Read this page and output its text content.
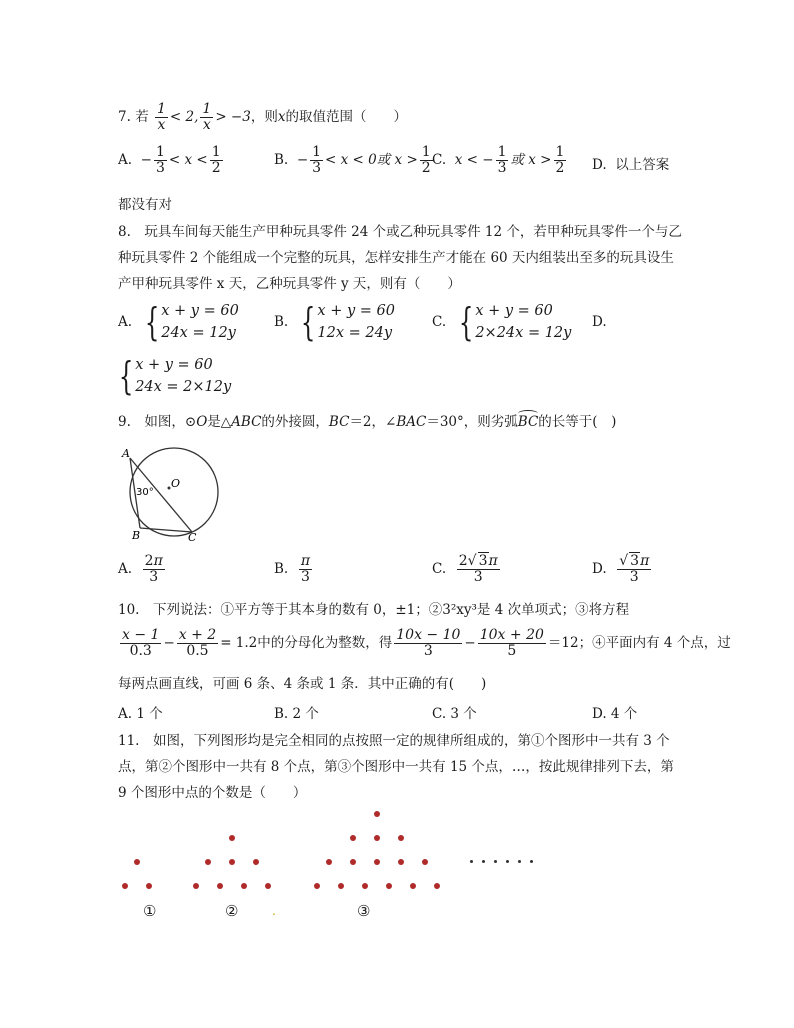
7. 若 $\frac{1}{x} < 2$, $\frac{1}{x} > -3$，则x的取值范围（　　）
A. − $\frac{1}{3} < x < \frac{1}{2}$	B. − $\frac{1}{3} < x < 0$或 $x > \frac{1}{2} C$. x < − $\frac{1}{3}$ 或 $x > \frac{1}{2} D$. 以上答案
都没有对
8.　玩具车间每天能生产甲种玩具零件 24 个或乙种玩具零件 12 个，若甲种玩具零件一个与乙
种玩具零件 2 个能组成一个完整的玩具，怎样安排生产才能在 60 天内组装出至多的玩具设生
产甲种玩具零件 x 天，乙种玩具零件 y 天，则有（　　）
A. { x + y = 60
24x = 12y
B. { x + y = 60
12x = 24y
C. { x + y = 60
2×24x = 12y
D.
{ x + y = 60
24x = 2×12y
9.　如图，⊙O是△ABC的外接圆，BC＝2，∠BAC＝30°，则劣弧BC
的长等于(　)
A
B	C
O
30°
A. $\frac{2\pi}{3}$	B. $\frac{\pi}{3}$	C. $\frac{2√ 3\pi}{3}$	D. $\frac{√ 3\pi}{3}$
10.　下列说法：①平方等于其本身的数有 0，±1；②3²xy³是 4 次单项式；③将方程
$\frac{x - 1}{0.3} - \frac{x + 2}{0.5} = 1.2$中的分母化为整数，得 $\frac{10x - 10}{3} - \frac{10x + 20}{5} =12$；④平面内有 4 个点，过
每两点画直线，可画 6 条、4 条或 1 条．其中正确的有(　　)
A. 1 个	B. 2 个	C. 3 个	D. 4 个
11.　如图，下列图形均是完全相同的点按照一定的规律所组成的，第①个图形中一共有 3 个
点，第②个图形中一共有 8 个点，第③个图形中一共有 15 个点，…，按此规律排列下去，第
9 个图形中点的个数是（　　）
①	②	③
.
